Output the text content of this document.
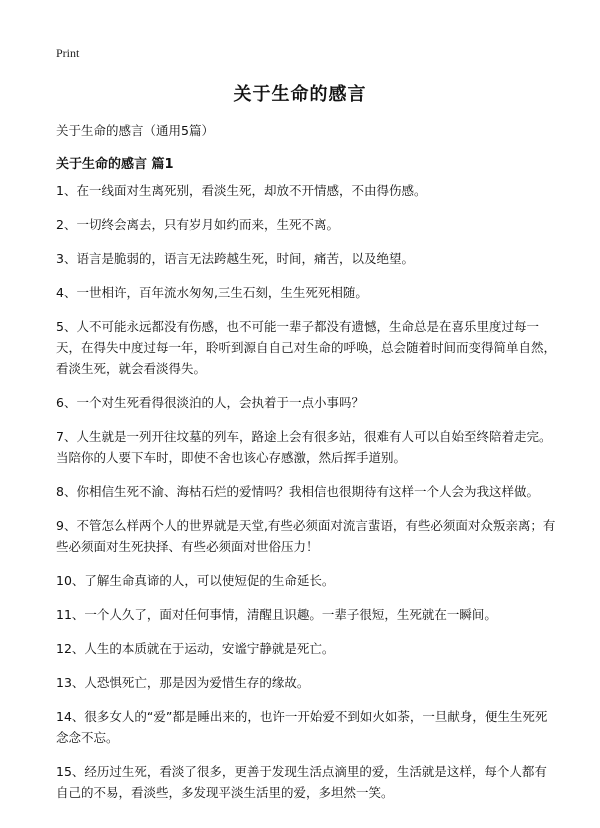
Print
关于生命的感言
关于生命的感言（通用5篇）
关于生命的感言 篇1
1、在一线面对生离死别，看淡生死，却放不开情感，不由得伤感。
2、一切终会离去，只有岁月如约而来，生死不离。
3、语言是脆弱的，语言无法跨越生死，时间，痛苦，以及绝望。
4、一世相许，百年流水匆匆,三生石刻，生生死死相随。
5、人不可能永远都没有伤感，也不可能一辈子都没有遗憾，生命总是在喜乐里度过每一天，在得失中度过每一年，聆听到源自自己对生命的呼唤，总会随着时间而变得简单自然，看淡生死，就会看淡得失。
6、一个对生死看得很淡泊的人，会执着于一点小事吗？
7、人生就是一列开往坟墓的列车，路途上会有很多站，很难有人可以自始至终陪着走完。当陪你的人要下车时，即使不舍也该心存感激，然后挥手道别。
8、你相信生死不渝、海枯石烂的爱情吗？我相信也很期待有这样一个人会为我这样做。
9、不管怎么样两个人的世界就是天堂,有些必须面对流言蜚语，有些必须面对众叛亲离；有些必须面对生死抉择、有些必须面对世俗压力！
10、了解生命真谛的人，可以使短促的生命延长。
11、一个人久了，面对任何事情，清醒且识趣。一辈子很短，生死就在一瞬间。
12、人生的本质就在于运动，安谧宁静就是死亡。
13、人恐惧死亡，那是因为爱惜生存的缘故。
14、很多女人的“爱”都是睡出来的，也许一开始爱不到如火如荼，一旦献身，便生生死死念念不忘。
15、经历过生死，看淡了很多，更善于发现生活点滴里的爱，生活就是这样，每个人都有自己的不易，看淡些，多发现平淡生活里的爱，多坦然一笑。
